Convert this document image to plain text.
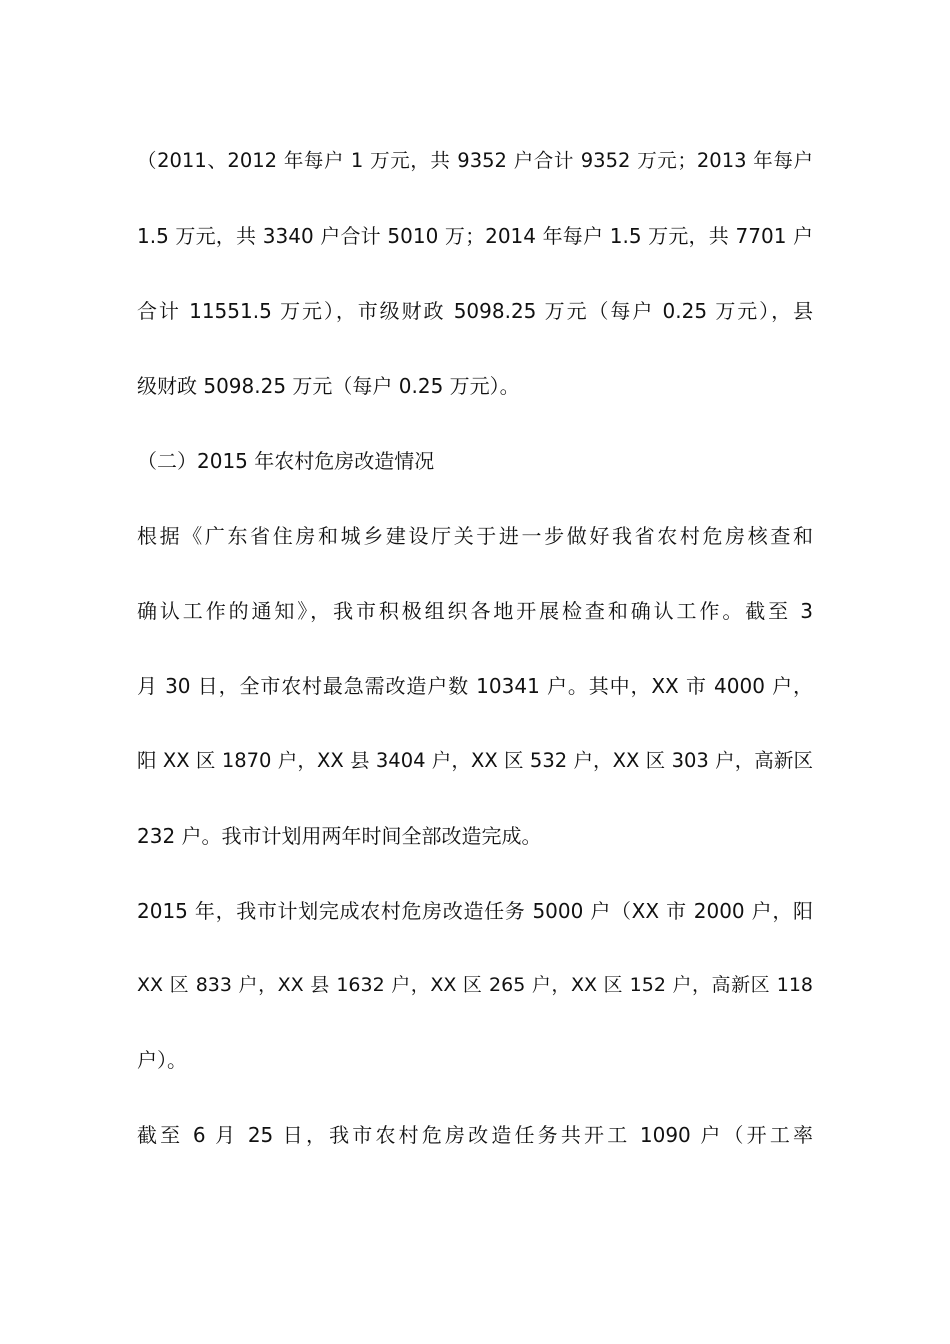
（2011、2012 年每户 1 万元，共 9352 户合计 9352 万元；2013 年每户
1.5 万元，共 3340 户合计 5010 万；2014 年每户 1.5 万元，共 7701 户
合计 11551.5 万元），市级财政 5098.25 万元（每户 0.25 万元），县
级财政 5098.25 万元（每户 0.25 万元）。
（二）2015 年农村危房改造情况
根据《广东省住房和城乡建设厅关于进一步做好我省农村危房核查和
确认工作的通知》，我市积极组织各地开展检查和确认工作。截至 3
月 30 日，全市农村最急需改造户数 10341 户。其中，XX 市 4000 户，
阳 XX 区 1870 户，XX 县 3404 户，XX 区 532 户，XX 区 303 户，高新区
232 户。我市计划用两年时间全部改造完成。
2015 年，我市计划完成农村危房改造任务 5000 户（XX 市 2000 户，阳
XX 区 833 户，XX 县 1632 户，XX 区 265 户，XX 区 152 户，高新区 118
户）。
截至 6 月 25 日，我市农村危房改造任务共开工 1090 户（开工率
